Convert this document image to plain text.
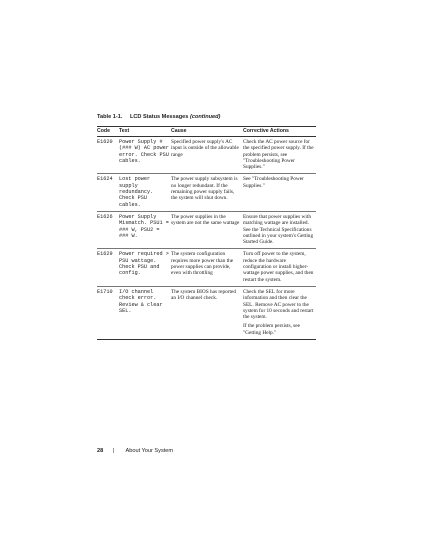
Table 1-1. LCD Status Messages (continued)
Code	Text	Cause	Corrective Actions
E1620	Power Supply # (### W) AC power error. Check PSU cables.	Specified power supply's AC input is outside of the allowable range	Check the AC power source for the specified power supply. If the problem persists, see "Troubleshooting Power Supplies."

E1624	Lost power supply redundancy. Check PSU cables.	The power supply subsystem is no longer redundant. If the remaining power supply fails, the system will shut down.	See "Troubleshooting Power Supplies."

E1626	Power Supply Mismatch. PSU1 = ### W, PSU2 = ### W.	The power supplies in the system are not the same wattage	Ensure that power supplies with matching wattage are installed. See the Technical Specifications outlined in your system's Getting Started Guide.

E1629	Power required > PSU wattage. Check PSU and config.	The system configuration requires more power than the power supplies can provide, even with throttling	Turn off power to the system, reduce the hardware configuration or install higher-wattage power supplies, and then restart the system.

E1710	I/O channel check error. Review & clear SEL.	The system BIOS has reported an I/O channel check.	Check the SEL for more information and then clear the SEL. Remove AC power to the system for 10 seconds and restart the system.

If the problem persists, see "Getting Help."

28 | About Your System
